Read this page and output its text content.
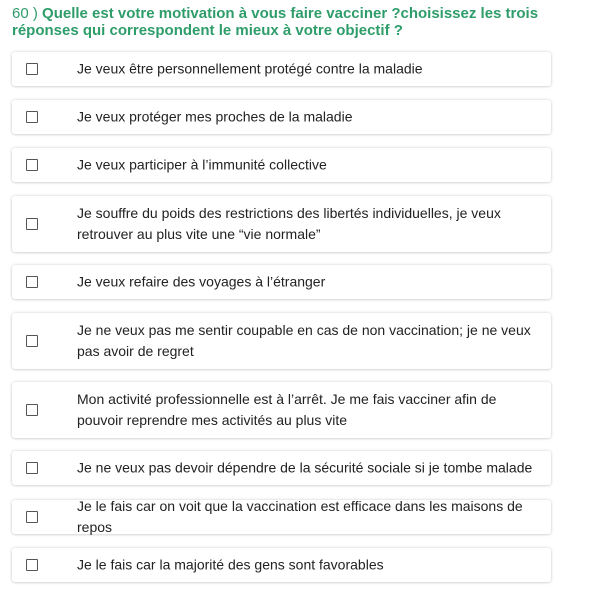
60 ) Quelle est votre motivation à vous faire vacciner ?choisissez les trois réponses qui correspondent le mieux à votre objectif ?
Je veux être personnellement protégé contre la maladie
Je veux protéger mes proches de la maladie
Je veux participer à l’immunité collective
Je souffre du poids des restrictions des libertés individuelles, je veux retrouver au plus vite une “vie normale”
Je veux refaire des voyages à l’étranger
Je ne veux pas me sentir coupable en cas de non vaccination; je ne veux pas avoir de regret
Mon activité professionnelle est à l’arrêt. Je me fais vacciner afin de pouvoir reprendre mes activités au plus vite
Je ne veux pas devoir dépendre de la sécurité sociale si je tombe malade
Je le fais car on voit que la vaccination est efficace dans les maisons de repos
Je le fais car la majorité des gens sont favorables
